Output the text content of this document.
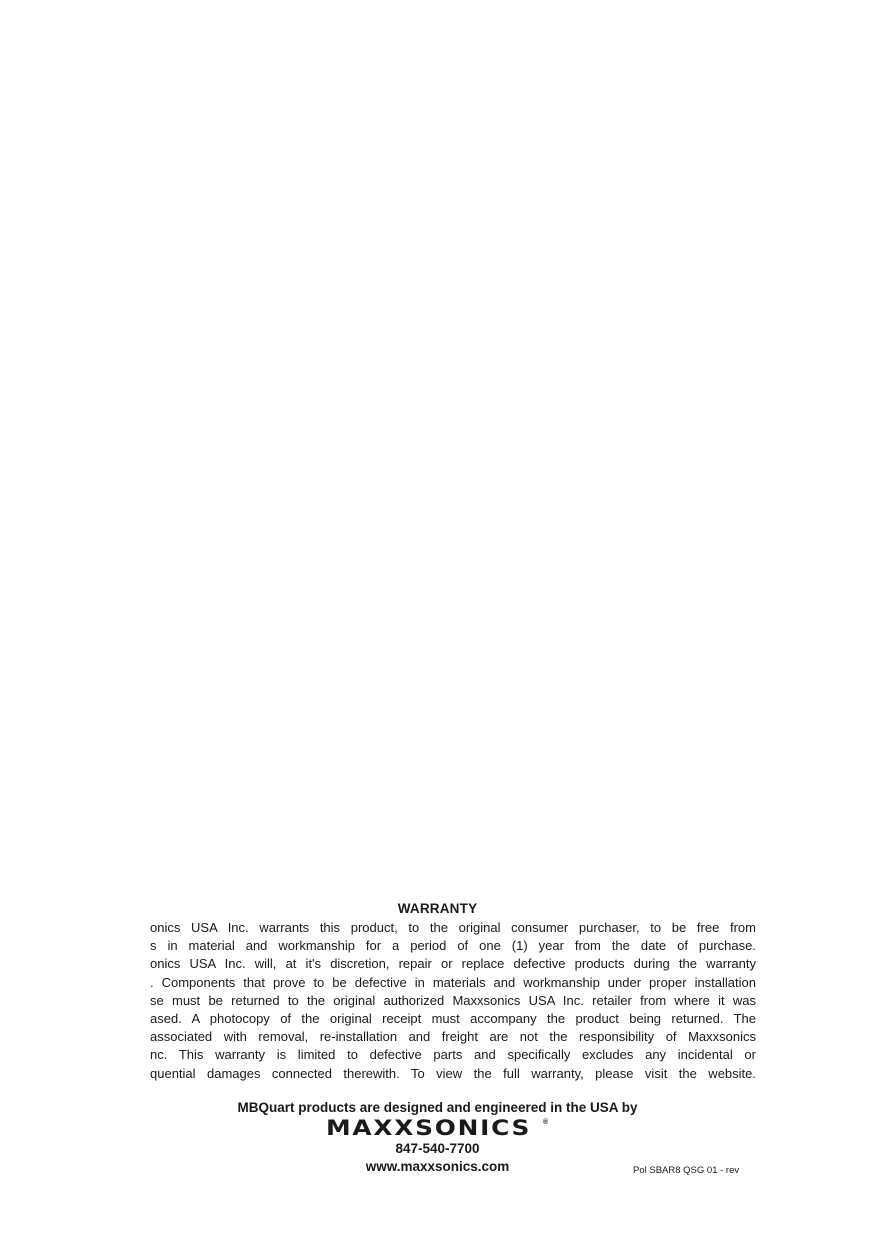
WARRANTY
onics USA Inc. warrants this product, to the original consumer purchaser, to be free from
s in material and workmanship for a period of one (1) year from the date of purchase.
onics USA Inc. will, at it's discretion, repair or replace defective products during the warranty
. Components that prove to be defective in materials and workmanship under proper installation
se must be returned to the original authorized Maxxsonics USA Inc. retailer from where it was
ased. A photocopy of the original receipt must accompany the product being returned. The
associated with removal, re-installation and freight are not the responsibility of Maxxsonics
nc. This warranty is limited to defective parts and specifically excludes any incidental or
quential damages connected therewith. To view the full warranty, please visit the website.
MBQuart products are designed and engineered in the USA by
MAXXSONICS ®
847-540-7700
www.maxxsonics.com	Pol SBAR8 QSG 01 - rev
